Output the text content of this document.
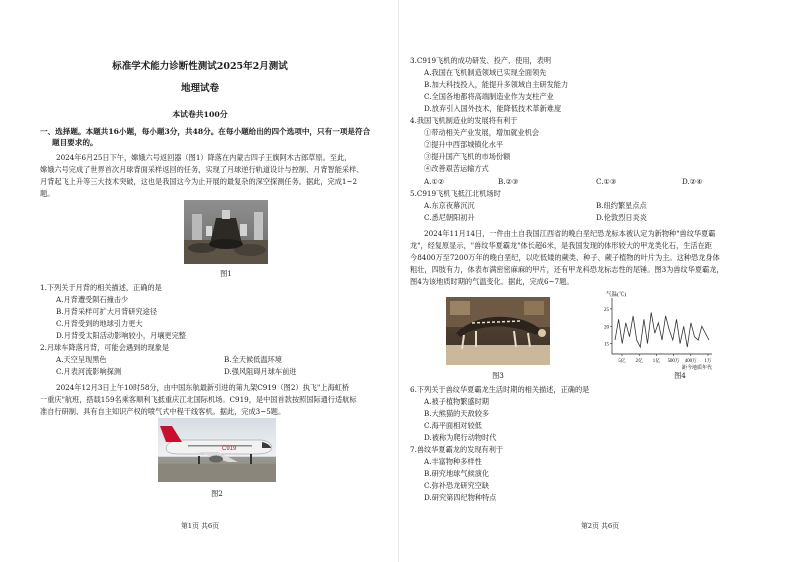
标准学术能力诊断性测试2025年2月测试
地理试卷
本试卷共100分
一、选择题。本题共16小题，每小题3分，共48分。在每小题给出的四个选项中，只有一项是符合
题目要求的。
2024年6月25日下午，嫦娥六号返回器（图1）降落在内蒙古四子王旗阿木古郎草原。至此，
嫦娥六号完成了世界首次月球背面采样返回的任务，实现了月球逆行轨道设计与控制、月背智能采样、
月背起飞上升等三大技术突破，这也是我国这今为止开展的最复杂的深空探测任务。据此，完成1~2
题。
图1
1.下列关于月背的相关描述，正确的是
A.月背遭受陨石撞击少
B.月背采样可扩大月背研究途径
C.月背受到的地球引力更大
D.月背受太阳活动影响较小，月壤更完整
2.月球车降落月背，可能会遇到的现象是
A.天空呈现黑色	B.全天候低温环境
C.月表河流影响探测	D.强风阻碍月球车前进
2024年12月3日上午10时58分，由中国东航最新引进的第九架C919（图2）执飞"上海虹桥
一重庆"航班，搭载159名乘客顺利飞抵重庆江北国际机场。C919，是中国首款按照国际通行适航标
准自行研制、具有自主知识产权的喷气式中程干线客机。据此，完成3~5题。
C919
图2
第1页 共6页
3.C919飞机的成功研发、投产、使用，表明
A.我国在飞机制造领域已实现全面领先
B.加大科技投入，能提升多领域自主研发能力
C.全国各地都将高端制造业作为支柱产业
D.放弃引入国外技术，能降低技术革新难度
4.我国飞机制造业的发展将有利于
①带动相关产业发展，增加就业机会
②提升中西部城镇化水平
③提升国产飞机的市场份额
④改善艰苦运输方式
A.①②	B.②③	C.①③	D.②④
5.C919飞机飞抵江北机场时
A.东京夜幕沉沉	B.纽约繁星点点
C.悉尼朝阳初升	D.伦敦烈日炎炎
2024年11月14日，一件由土自我国江西省的晚白垩纪恐龙标本被认定为新物种"兽纹华夏霸
龙"，经复原显示，"兽纹华夏霸龙"体长超6米，是我国发现的体形较大的甲龙类化石，生活在距
今8400万至7200万年的晚白垩纪，以吃低矮的蕨类、种子、蕨子植物的叶片为主。这种恐龙身体
粗壮，四肢有力，体表布满密密麻麻的甲片，还有甲龙科恐龙标志性的尾锤。图3为兽纹华夏霸龙，
图4为该地质时期的气温变化。据此，完成6~7题。
图3
气温(℃)
25
20
15
5亿 2亿 1亿 500万 400万 1万
距今地质年代
图4
6.下列关于兽纹华夏霸龙生活时期的相关描述，正确的是
A.被子植物繁盛时期
B.大熊猫的天敌较多
C.海平面相对较低
D.被称为爬行动物时代
7.兽纹华夏霸龙的发现有利于
A.丰富物种多样性
B.研究地球气候演化
C.弥补恐龙研究空缺
D.研究第四纪物种特点
第2页 共6页
